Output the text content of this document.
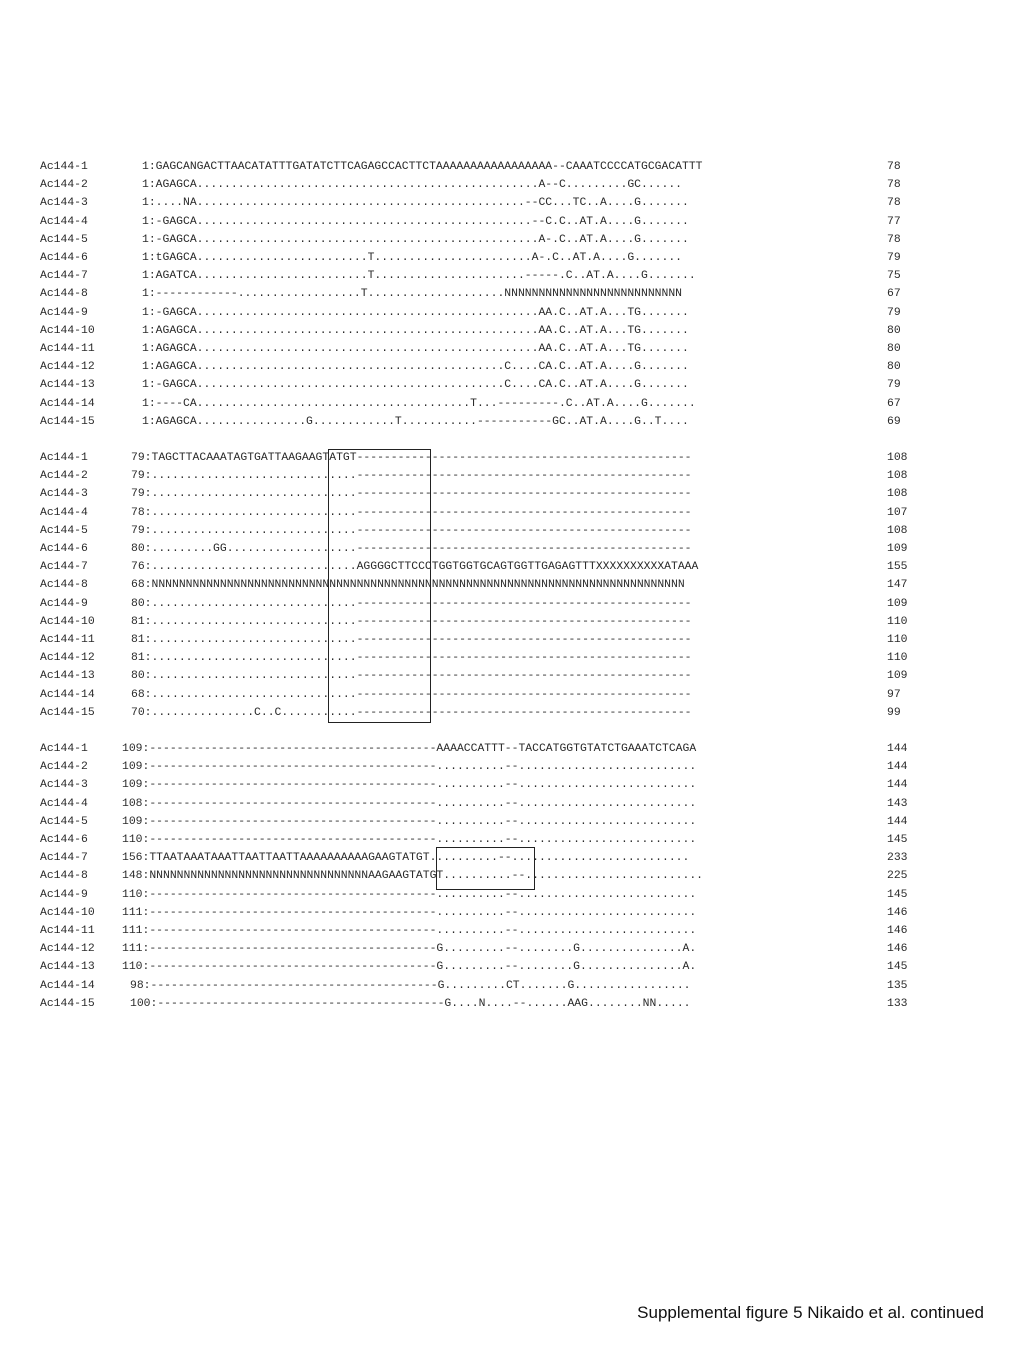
Ac144-1	1:GAGCANGACTTAACATATTTGATATCTTCAGAGCCACTTCTAAAAAAAAAAAAAAAAA--CAAATCCCCATGCGACATTT	78
Ac144-2	1:AGAGCA..................................................A--C.........GC......	78
Ac144-3	1:....NA................................................--CC...TC..A....G.......	78
Ac144-4	1:-GAGCA.................................................--C.C..AT.A....G.......	77
Ac144-5	1:-GAGCA..................................................A-.C..AT.A....G.......	78
Ac144-6	1:tGAGCA.........................T.......................A-.C..AT.A....G.......	79
Ac144-7	1:AGATCA.........................T......................-----.C..AT.A....G.......	75
Ac144-8	1:------------..................T....................NNNNNNNNNNNNNNNNNNNNNNNNNN	67
Ac144-9	1:-GAGCA..................................................AA.C..AT.A...TG.......	79
Ac144-10	1:AGAGCA..................................................AA.C..AT.A...TG.......	80
Ac144-11	1:AGAGCA..................................................AA.C..AT.A...TG.......	80
Ac144-12	1:AGAGCA.............................................C....CA.C..AT.A....G.......	80
Ac144-13	1:-GAGCA.............................................C....CA.C..AT.A....G.......	79
Ac144-14	1:----CA........................................T...---------.C..AT.A....G.......	67
Ac144-15	1:AGAGCA................G............T...........-----------GC..AT.A....G..T....	69
Ac144-1	79:TAGCTTACAAATAGTGATTAAGAAGTATGT-------------------------------------------------	108
Ac144-2	79:..............................-------------------------------------------------	108
Ac144-3	79:..............................-------------------------------------------------	108
Ac144-4	78:..............................-------------------------------------------------	107
Ac144-5	79:..............................-------------------------------------------------	108
Ac144-6	80:.........GG...................-------------------------------------------------	109
Ac144-7	76:..............................AGGGGCTTCCCTGGTGGTGCAGTGGTTGAGAGTTTXXXXXXXXXXATAAA	155
Ac144-8	68:NNNNNNNNNNNNNNNNNNNNNNNNNNNNNNNNNNNNNNNNNNNNNNNNNNNNNNNNNNNNNNNNNNNNNNNNNNNNNN	147
Ac144-9	80:..............................-------------------------------------------------	109
Ac144-10	81:..............................-------------------------------------------------	110
Ac144-11	81:..............................-------------------------------------------------	110
Ac144-12	81:..............................-------------------------------------------------	110
Ac144-13	80:..............................-------------------------------------------------	109
Ac144-14	68:..............................-------------------------------------------------	97
Ac144-15	70:...............C..C...........-------------------------------------------------	99
Ac144-1	109:------------------------------------------AAAACCATTT--TACCATGGTGTATCTGAAATCTCAGA	144
Ac144-2	109:------------------------------------------..........--..........................	144
Ac144-3	109:------------------------------------------..........--..........................	144
Ac144-4	108:------------------------------------------..........--..........................	143
Ac144-5	109:------------------------------------------..........--..........................	144
Ac144-6	110:------------------------------------------..........--..........................	145
Ac144-7	156:TTAATAAATAAATTAATTAATTAAAAAAAAAAGAAGTATGT..........--..........................	233
Ac144-8	148:NNNNNNNNNNNNNNNNNNNNNNNNNNNNNNNNAAGAAGTATGT..........--..........................	225
Ac144-9	110:------------------------------------------..........--..........................	145
Ac144-10 111:------------------------------------------..........--..........................	146
Ac144-11 111:------------------------------------------..........--..........................	146
Ac144-12 111:------------------------------------------G.........--........G...............A.	146
Ac144-13 110:------------------------------------------G.........--........G...............A.	145
Ac144-14	98:------------------------------------------G.........CT.......G.................	135
Ac144-15	100:------------------------------------------G....N....--......AAG........NN.....	133
Supplemental figure 5 Nikaido et al. continued
